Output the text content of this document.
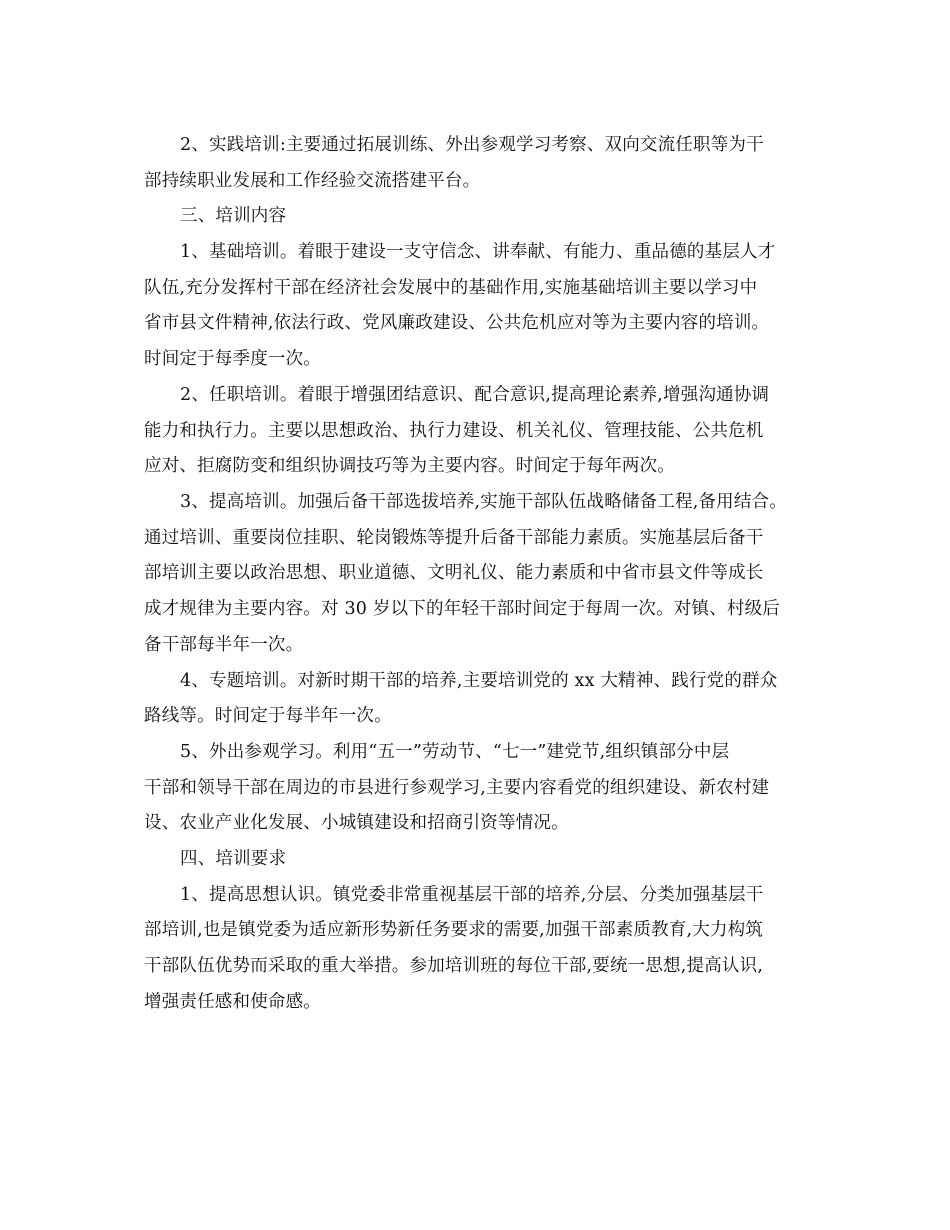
2、实践培训:主要通过拓展训练、外出参观学习考察、双向交流任职等为干
部持续职业发展和工作经验交流搭建平台。
三、培训内容
1、基础培训。着眼于建设一支守信念、讲奉献、有能力、重品德的基层人才
队伍,充分发挥村干部在经济社会发展中的基础作用,实施基础培训主要以学习中
省市县文件精神,依法行政、党风廉政建设、公共危机应对等为主要内容的培训。
时间定于每季度一次。
2、任职培训。着眼于增强团结意识、配合意识,提高理论素养,增强沟通协调
能力和执行力。主要以思想政治、执行力建设、机关礼仪、管理技能、公共危机
应对、拒腐防变和组织协调技巧等为主要内容。时间定于每年两次。
3、提高培训。加强后备干部选拔培养,实施干部队伍战略储备工程,备用结合。
通过培训、重要岗位挂职、轮岗锻炼等提升后备干部能力素质。实施基层后备干
部培训主要以政治思想、职业道德、文明礼仪、能力素质和中省市县文件等成长
成才规律为主要内容。对 30 岁以下的年轻干部时间定于每周一次。对镇、村级后
备干部每半年一次。
4、专题培训。对新时期干部的培养,主要培训党的 xx 大精神、践行党的群众
路线等。时间定于每半年一次。
5、外出参观学习。利用“五一”劳动节、“七一”建党节,组织镇部分中层
干部和领导干部在周边的市县进行参观学习,主要内容看党的组织建设、新农村建
设、农业产业化发展、小城镇建设和招商引资等情况。
四、培训要求
1、提高思想认识。镇党委非常重视基层干部的培养,分层、分类加强基层干
部培训,也是镇党委为适应新形势新任务要求的需要,加强干部素质教育,大力构筑
干部队伍优势而采取的重大举措。参加培训班的每位干部,要统一思想,提高认识,
增强责任感和使命感。
